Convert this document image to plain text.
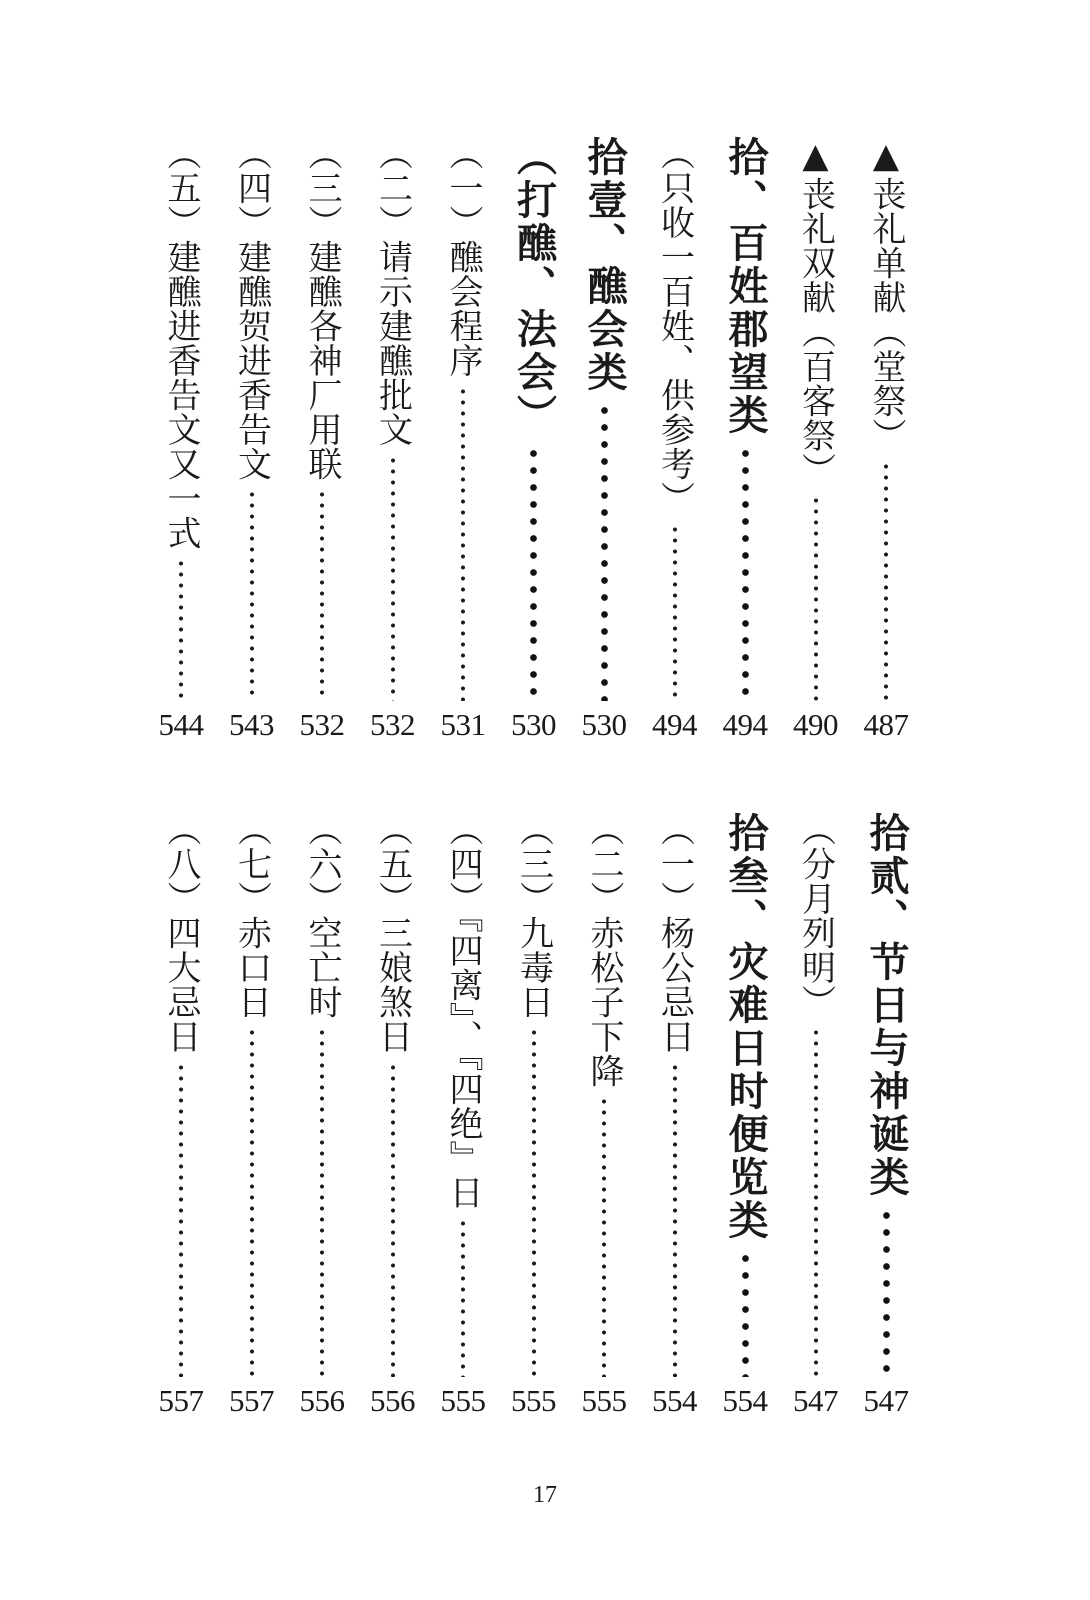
▲丧礼单献（堂祭）
487
▲丧礼双献（百客祭）
490
拾、百姓郡望类
494
（只收一百姓、供参考）
494
拾壹、醮会类
530
（打醮、法会）
530
（一）醮会程序
531
（二）请示建醮批文
532
（三）建醮各神厂用联
532
（四）建醮贺进香告文
543
（五）建醮进香告文又一式
544
拾贰、节日与神诞类
547
（分月列明）
547
拾叁、灾难日时便览类
554
（一）杨公忌日
554
（二）赤松子下降
555
（三）九毒日
555
（四）『四离』、『四绝』日
555
（五）三娘煞日
556
（六）空亡时
556
（七）赤口日
557
（八）四大忌日
557
17
